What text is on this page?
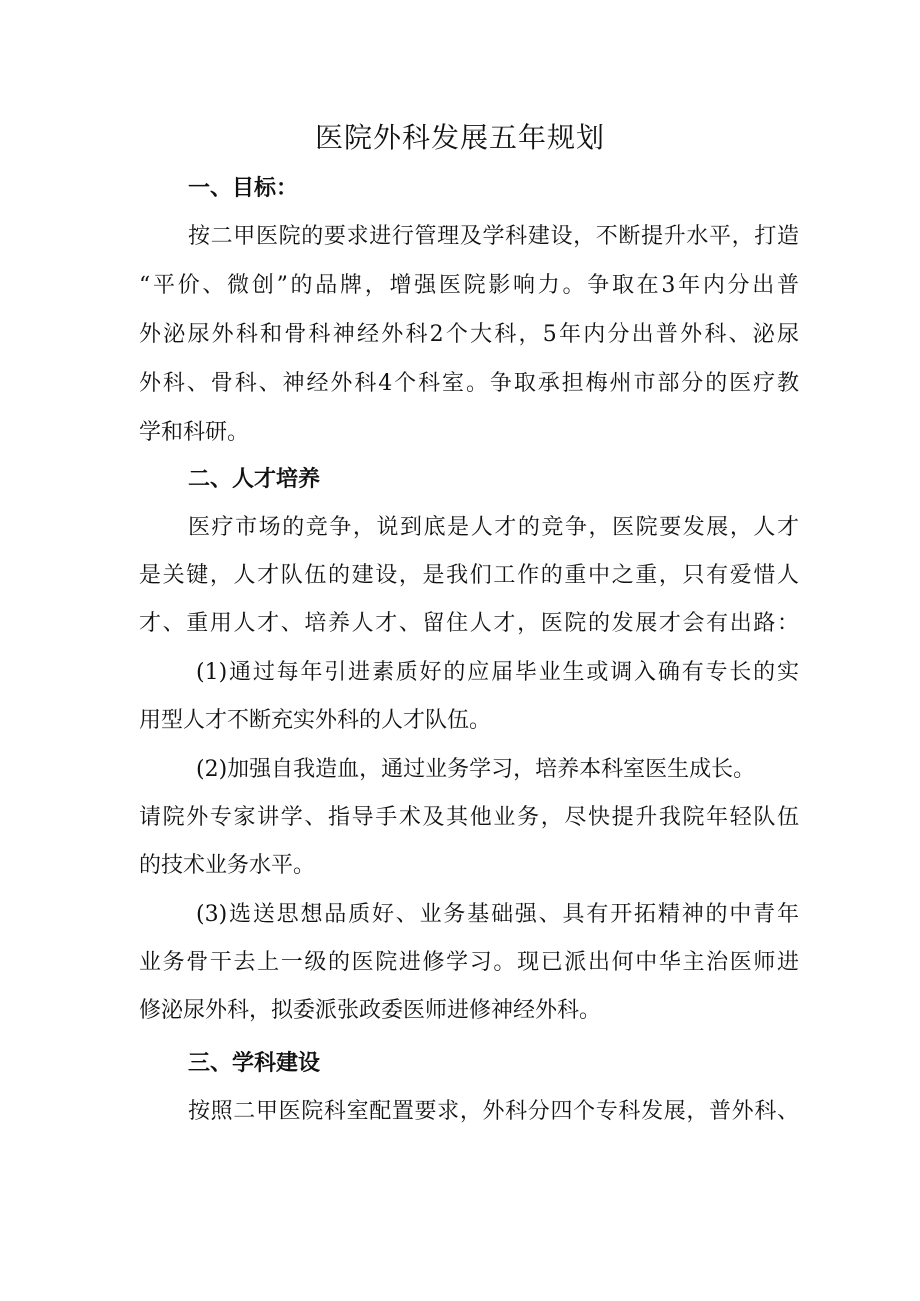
医院外科发展五年规划
一、目标：
按二甲医院的要求进行管理及学科建设，不断提升水平，打造
“平价、微创”的品牌，增强医院影响力。争取在3年内分出普
外泌尿外科和骨科神经外科2个大科，5年内分出普外科、泌尿
外科、骨科、神经外科4个科室。争取承担梅州市部分的医疗教
学和科研。
二、人才培养
医疗市场的竞争，说到底是人才的竞争，医院要发展，人才
是关键，人才队伍的建设，是我们工作的重中之重，只有爱惜人
才、重用人才、培养人才、留住人才，医院的发展才会有出路：
(1)通过每年引进素质好的应届毕业生或调入确有专长的实
用型人才不断充实外科的人才队伍。
(2)加强自我造血，通过业务学习，培养本科室医生成长。
请院外专家讲学、指导手术及其他业务，尽快提升我院年轻队伍
的技术业务水平。
(3)选送思想品质好、业务基础强、具有开拓精神的中青年
业务骨干去上一级的医院进修学习。现已派出何中华主治医师进
修泌尿外科，拟委派张政委医师进修神经外科。
三、学科建设
按照二甲医院科室配置要求，外科分四个专科发展，普外科、
